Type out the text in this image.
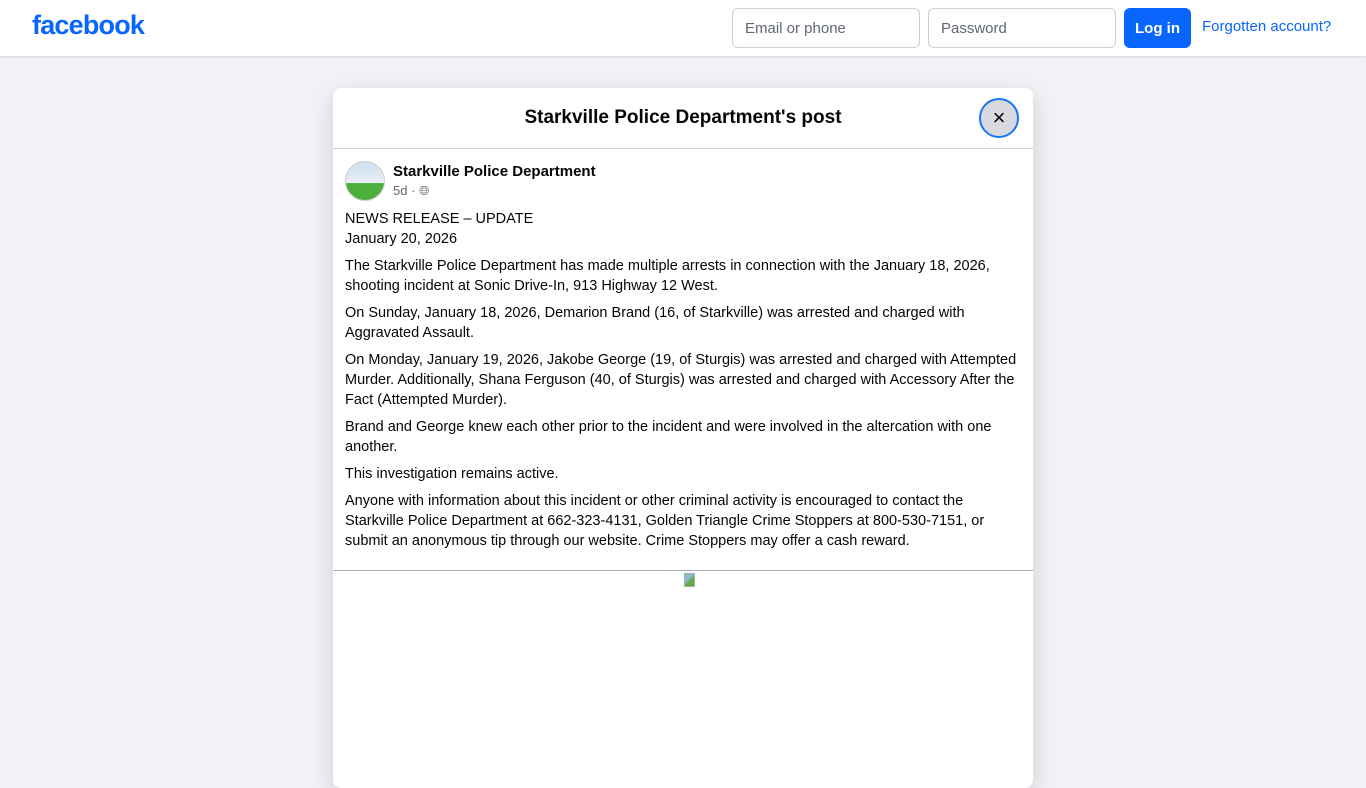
facebook
Email or phone	Log in	Forgotten account?
Starkville Police Department's post	×
Starkville Police Department
5d · 🌐︎

NEWS RELEASE – UPDATE
January 20, 2026

The Starkville Police Department has made multiple arrests in connection with the January 18, 2026, shooting incident at Sonic Drive-In, 913 Highway 12 West.

On Sunday, January 18, 2026, Demarion Brand (16, of Starkville) was arrested and charged with Aggravated Assault.

On Monday, January 19, 2026, Jakobe George (19, of Sturgis) was arrested and charged with Attempted Murder. Additionally, Shana Ferguson (40, of Sturgis) was arrested and charged with Accessory After the Fact (Attempted Murder).

Brand and George knew each other prior to the incident and were involved in the altercation with one another.

This investigation remains active.

Anyone with information about this incident or other criminal activity is encouraged to contact the Starkville Police Department at 662-323-4131, Golden Triangle Crime Stoppers at 800-530-7151, or submit an anonymous tip through our website. Crime Stoppers may offer a cash reward.
